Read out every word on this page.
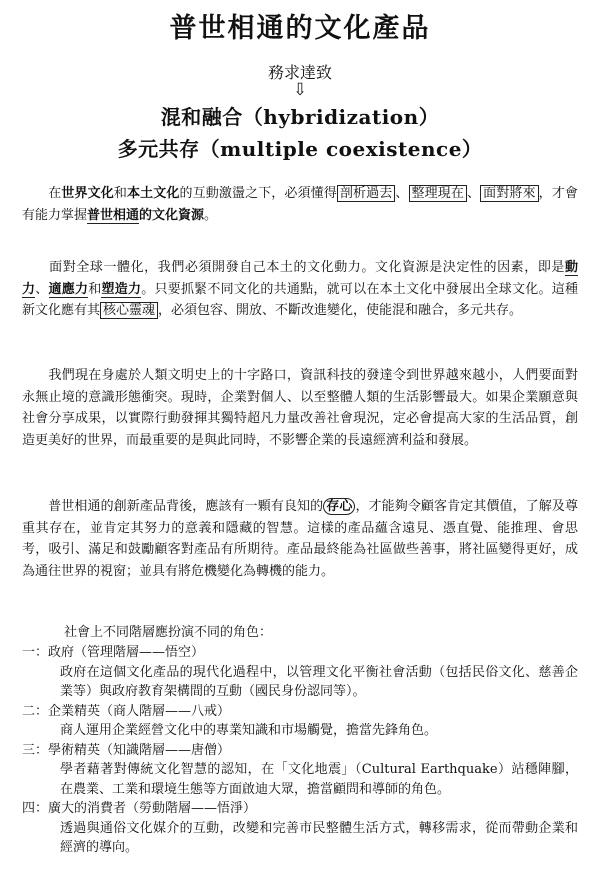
普世相通的文化產品
務求達致
⇩
混和融合（hybridization）
多元共存（multiple coexistence）
　　在世界文化和本土文化的互動激盪之下，必須懂得 剖析過去 、 整理現在 、 面對將來 ，才會有能力掌握普世相通的文化資源。
　　面對全球一體化，我們必須開發自己本土的文化動力。文化資源是決定性的因素，即是動力、適應力和塑造力。只要抓緊不同文化的共通點，就可以在本土文化中發展出全球文化。這種新文化應有其 核心靈魂 ，必須包容、開放、不斷改進變化，使能混和融合，多元共存。
　　我們現在身處於人類文明史上的十字路口，資訊科技的發達令到世界越來越小，人們要面對永無止境的意識形態衝突。現時，企業對個人、以至整體人類的生活影響最大。如果企業願意與社會分享成果，以實際行動發揮其獨特超凡力量改善社會現況，定必會提高大家的生活品質，創造更美好的世界，而最重要的是與此同時，不影響企業的長遠經濟利益和發展。
　　普世相通的創新產品背後，應該有一顆有良知的 存心 ，才能夠令顧客肯定其價值，了解及尊重其存在，並肯定其努力的意義和隱藏的智慧。這樣的產品蘊含遠見、憑直覺、能推理、會思考，吸引、滿足和鼓勵顧客對產品有所期待。產品最終能為社區做些善事，將社區變得更好，成為通往世界的視窗；並具有將危機變化為轉機的能力。
社會上不同階層應扮演不同的角色：
一：政府（管理階層——悟空）
政府在這個文化產品的現代化過程中，以管理文化平衡社會活動（包括民俗文化、慈善企業等）與政府教育架構間的互動（國民身份認同等）。
二：企業精英（商人階層——八戒）
商人運用企業經營文化中的專業知識和市場觸覺，擔當先鋒角色。
三：學術精英（知識階層——唐僧）
學者藉著對傳統文化智慧的認知，在「文化地震」（Cultural Earthquake）站穩陣腳，在農業、工業和環境生態等方面啟迪大眾，擔當顧問和導師的角色。
四：廣大的消費者（勞動階層——悟淨）
透過與通俗文化媒介的互動，改變和完善市民整體生活方式，轉移需求，從而帶動企業和經濟的導向。
